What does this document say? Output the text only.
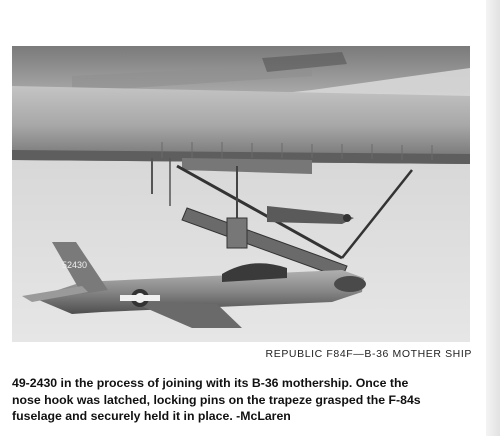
52430
REPUBLIC F84F—B-36 MOTHER SHIP
49-2430 in the process of joining with its B-36 mothership. Once the
nose hook was latched, locking pins on the trapeze grasped the F-84s
fuselage and securely held it in place. -McLaren
